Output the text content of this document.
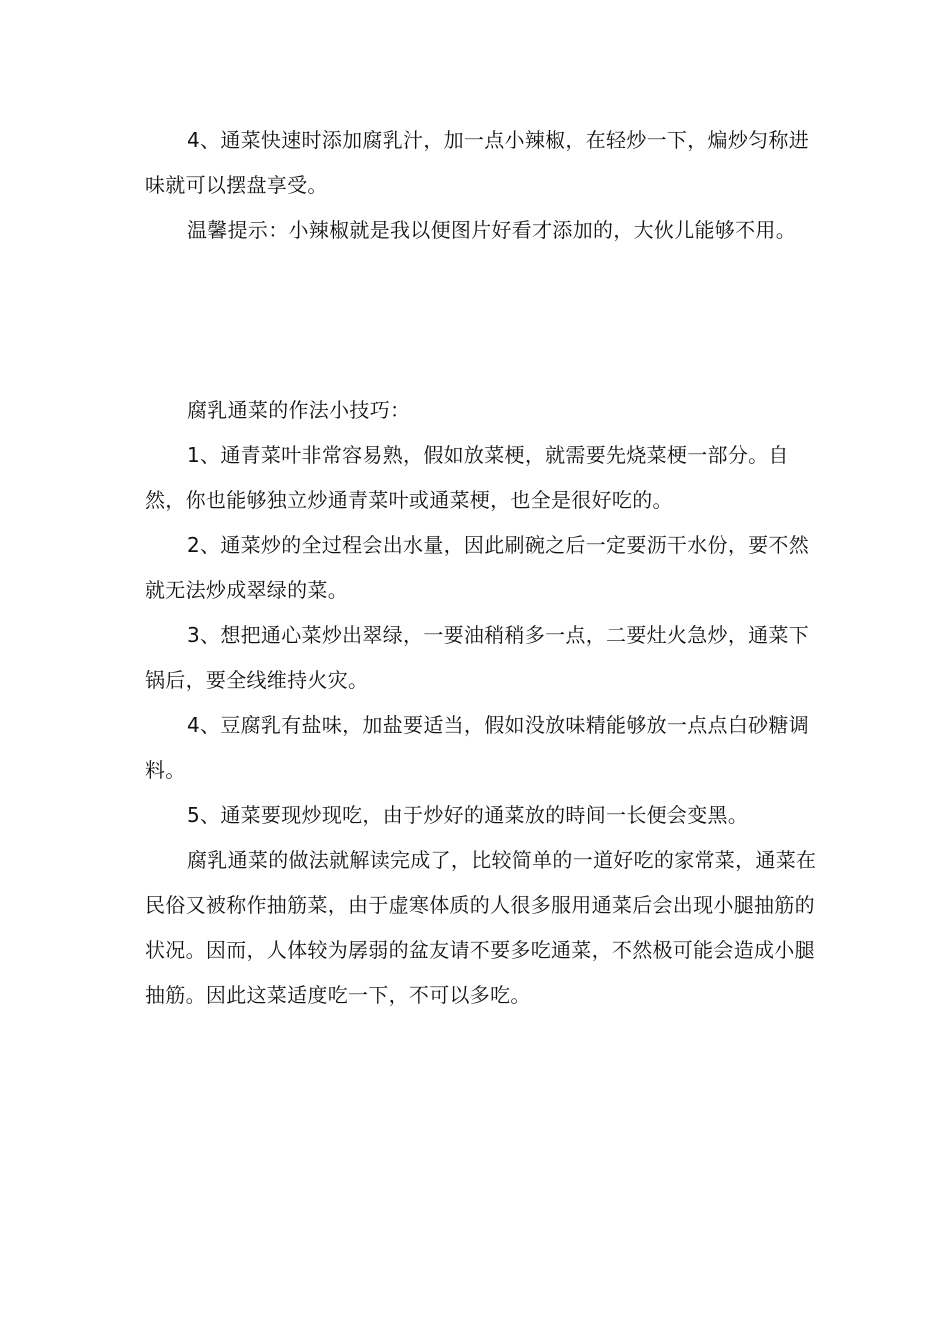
4、通菜快速时添加腐乳汁，加一点小辣椒，在轻炒一下，煸炒匀称进味就可以摆盘享受。

温馨提示：小辣椒就是我以便图片好看才添加的，大伙儿能够不用。

腐乳通菜的作法小技巧：

1、通青菜叶非常容易熟，假如放菜梗，就需要先烧菜梗一部分。自然，你也能够独立炒通青菜叶或通菜梗，也全是很好吃的。

2、通菜炒的全过程会出水量，因此刷碗之后一定要沥干水份，要不然就无法炒成翠绿的菜。

3、想把通心菜炒出翠绿，一要油稍稍多一点，二要灶火急炒，通菜下锅后，要全线维持火灾。

4、豆腐乳有盐味，加盐要适当，假如没放味精能够放一点点白砂糖调料。

5、通菜要现炒现吃，由于炒好的通菜放的時间一长便会变黑。

腐乳通菜的做法就解读完成了，比较简单的一道好吃的家常菜，通菜在民俗又被称作抽筋菜，由于虚寒体质的人很多服用通菜后会出现小腿抽筋的状况。因而，人体较为孱弱的盆友请不要多吃通菜，不然极可能会造成小腿抽筋。因此这菜适度吃一下，不可以多吃。
